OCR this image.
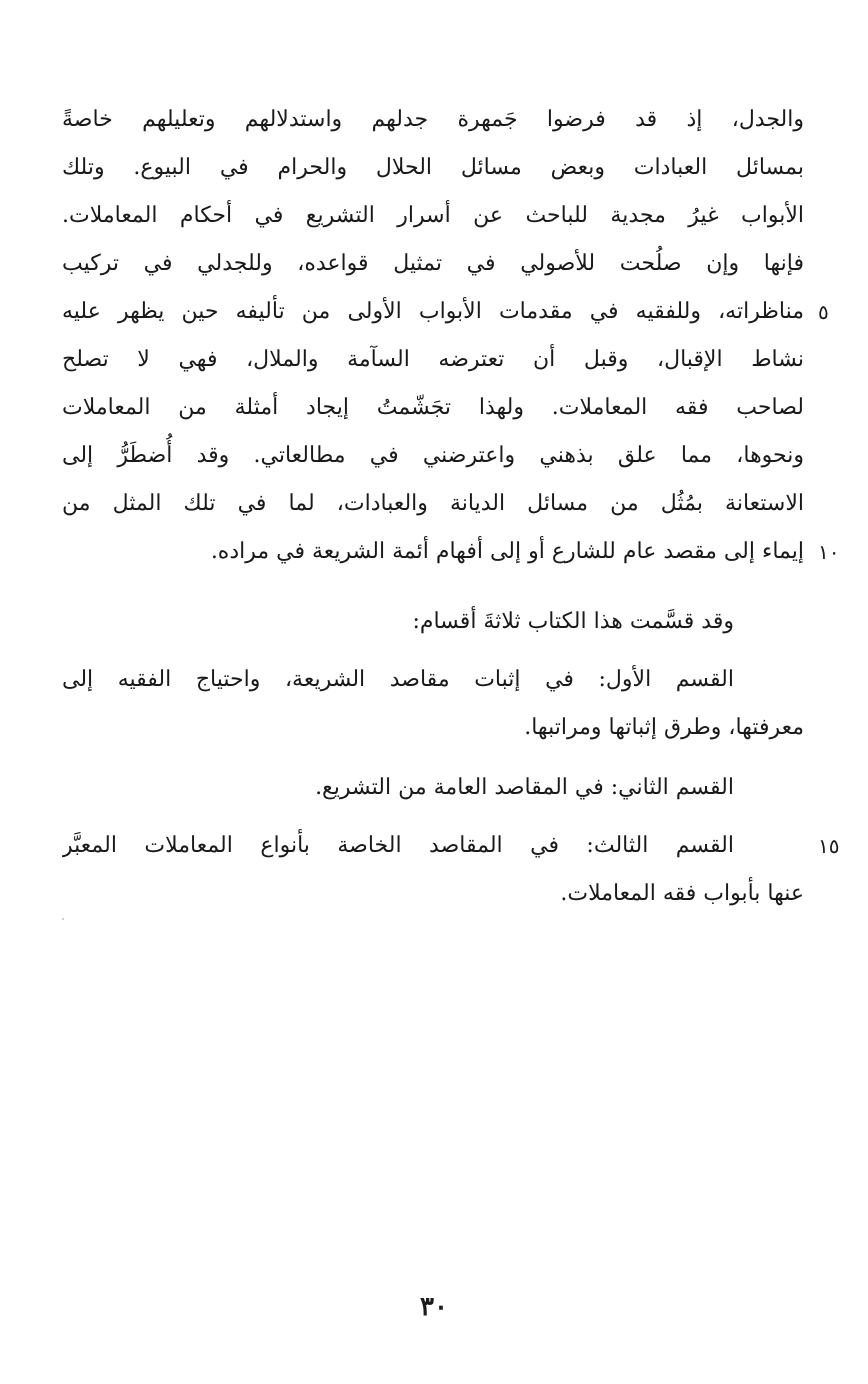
والجدل، إذ قد فرضوا جَمهرة جدلهم واستدلالهم وتعليلهم خاصةً
بمسائل العبادات وبعض مسائل الحلال والحرام في البيوع. وتلك
الأبواب غيرُ مجدية للباحث عن أسرار التشريع في أحكام المعاملات.
فإنها وإن صلُحت للأصولي في تمثيل قواعده، وللجدلي في تركيب
مناظراته، وللفقيه في مقدمات الأبواب الأولى من تأليفه حين يظهر عليه
نشاط الإقبال، وقبل أن تعترضه السآمة والملال، فهي لا تصلح
لصاحب فقه المعاملات. ولهذا تجَشّمتُ إيجاد أمثلة من المعاملات
ونحوها، مما علق بذهني واعترضني في مطالعاتي. وقد أُضطَرُّ إلى
الاستعانة بمُثُل من مسائل الديانة والعبادات، لما في تلك المثل من
إيماء إلى مقصد عام للشارع أو إلى أفهام أئمة الشريعة في مراده.
وقد قسَّمت هذا الكتاب ثلاثةَ أقسام:
القسم الأول: في إثبات مقاصد الشريعة، واحتياج الفقيه إلى
معرفتها، وطرق إثباتها ومراتبها.
القسم الثاني: في المقاصد العامة من التشريع.
القسم الثالث: في المقاصد الخاصة بأنواع المعاملات المعبَّر
عنها بأبواب فقه المعاملات.
٥
١٠
١٥
٣٠
